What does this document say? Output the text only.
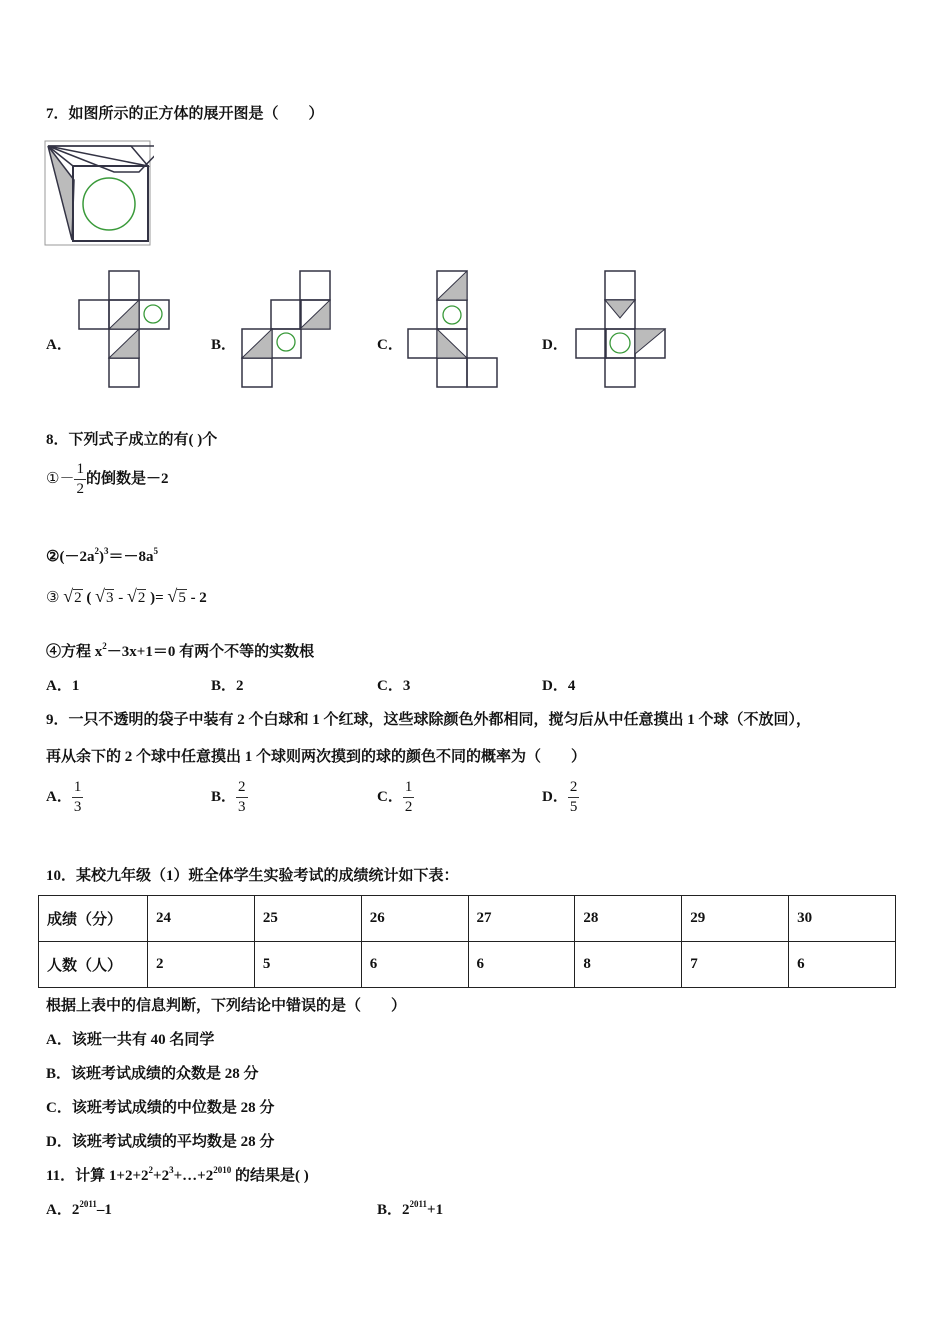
7．如图所示的正方体的展开图是（　　）
A．	B．	C．	D．
8．下列式子成立的有( )个
①－ $\frac{1}{2}$ 的倒数是－2
$②(-2a^2)^3=-8a^5$
③ √2 ( √3 - √2 )= √5 - 2
④方程 $x^2-3x+1=0$ 有两个不等的实数根
A．1	B．2	C．3	D．4
9．一只不透明的袋子中装有 2 个白球和 1 个红球，这些球除颜色外都相同，搅匀后从中任意摸出 1 个球（不放回），
再从余下的 2 个球中任意摸出 1 个球则两次摸到的球的颜色不同的概率为（　　）
A． $\frac{1}{3}$	B． $\frac{2}{3}$	C． $\frac{1}{2}$	D． $\frac{2}{5}$
10．某校九年级（1）班全体学生实验考试的成绩统计如下表：
成绩（分）	24	25	26	27	28	29	30
人数（人）	2	5	6	6	8	7	6
根据上表中的信息判断，下列结论中错误的是（　　）
A．该班一共有 40 名同学
B．该班考试成绩的众数是 28 分
C．该班考试成绩的中位数是 28 分
D．该班考试成绩的平均数是 28 分
11．计算 $1+2+2^2+2^3+\dots+2^{2010}$ 的结果是( )
A．$2^{2011}-1$	B．$2^{2011}+1$
